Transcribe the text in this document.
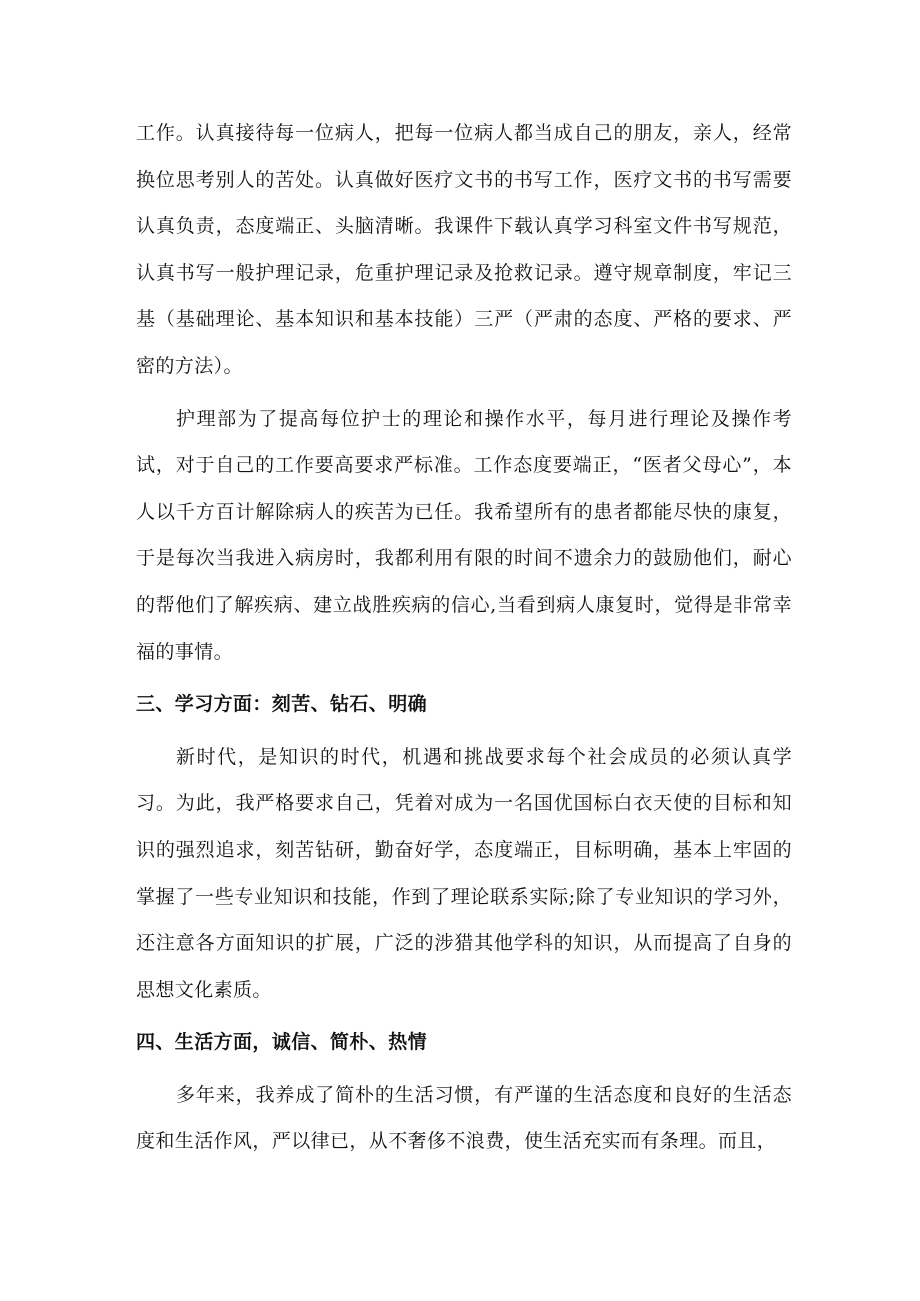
工作。认真接待每一位病人，把每一位病人都当成自己的朋友，亲人，经常换位思考别人的苦处。认真做好医疗文书的书写工作，医疗文书的书写需要认真负责，态度端正、头脑清晰。我课件下载认真学习科室文件书写规范，认真书写一般护理记录，危重护理记录及抢救记录。遵守规章制度，牢记三基（基础理论、基本知识和基本技能）三严（严肃的态度、严格的要求、严密的方法）。

护理部为了提高每位护士的理论和操作水平，每月进行理论及操作考试，对于自己的工作要高要求严标准。工作态度要端正，“医者父母心”，本人以千方百计解除病人的疾苦为已任。我希望所有的患者都能尽快的康复，于是每次当我进入病房时，我都利用有限的时间不遗余力的鼓励他们，耐心的帮他们了解疾病、建立战胜疾病的信心,当看到病人康复时，觉得是非常幸福的事情。

三、学习方面：刻苦、钻石、明确

新时代，是知识的时代，机遇和挑战要求每个社会成员的必须认真学习。为此，我严格要求自己，凭着对成为一名国优国标白衣天使的目标和知识的强烈追求，刻苦钻研，勤奋好学，态度端正，目标明确，基本上牢固的掌握了一些专业知识和技能，作到了理论联系实际;除了专业知识的学习外，还注意各方面知识的扩展，广泛的涉猎其他学科的知识，从而提高了自身的思想文化素质。

四、生活方面，诚信、简朴、热情

多年来，我养成了简朴的生活习惯，有严谨的生活态度和良好的生活态度和生活作风，严以律已，从不奢侈不浪费，使生活充实而有条理。而且，
